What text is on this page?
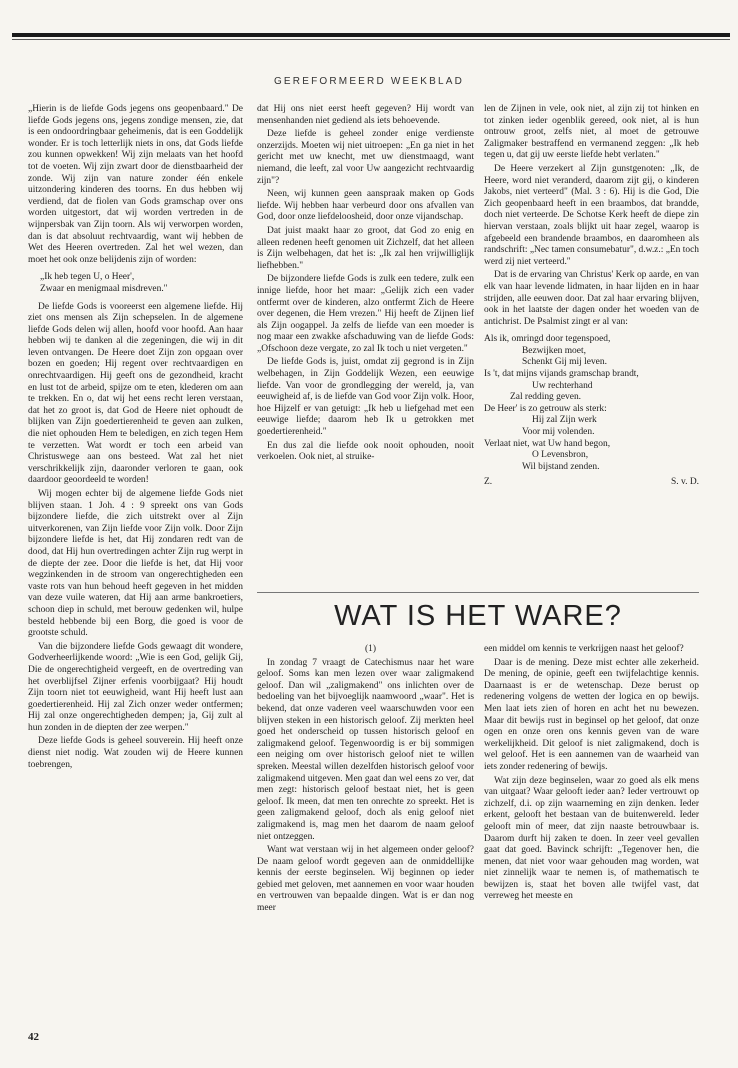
GEREFORMEERD WEEKBLAD

„Hierin is de liefde Gods jegens ons geopenbaard." De liefde Gods jegens ons, jegens zondige mensen, zie, dat is een ondoordringbaar geheimenis, dat is een Goddelijk wonder. Er is toch letterlijk niets in ons, dat Gods liefde zou kunnen opwekken! Wij zijn melaats van het hoofd tot de voeten. Wij zijn zwart door de dienstbaarheid der zonde. Wij zijn van nature zonder één enkele uitzondering kinderen des toorns. En dus hebben wij verdiend, dat de fiolen van Gods gramschap over ons worden uitgestort, dat wij worden vertreden in de wijnpersbak van Zijn toorn. Als wij verworpen worden, dan is dat absoluut rechtvaardig, want wij hebben de Wet des Heeren overtreden. Zal het wel wezen, dan moet het ook onze belijdenis zijn of worden:

„Ik heb tegen U, o Heer',
Zwaar en menigmaal misdreven."

De liefde Gods is vooreerst een algemene liefde. Hij ziet ons mensen als Zijn schepselen. In de algemene liefde Gods delen wij allen, hoofd voor hoofd. Aan haar hebben wij te danken al die zegeningen, die wij in dit leven ontvangen. De Heere doet Zijn zon opgaan over bozen en goeden; Hij regent over rechtvaardigen en onrechtvaardigen. Hij geeft ons de gezondheid, kracht en lust tot de arbeid, spijze om te eten, klederen om aan te trekken. En o, dat wij het eens recht leren verstaan, dat het zo groot is, dat God de Heere niet ophoudt de blijken van Zijn goedertierenheid te geven aan zulken, die niet ophouden Hem te beledigen, en zich tegen Hem te verzetten. Wat wordt er toch een arbeid van Christuswege aan ons besteed. Wat zal het niet verschrikkelijk zijn, daaronder verloren te gaan, ook daardoor geoordeeld te worden!

Wij mogen echter bij de algemene liefde Gods niet blijven staan. 1 Joh. 4 : 9 spreekt ons van Gods bijzondere liefde, die zich uitstrekt over al Zijn uitverkorenen, van Zijn liefde voor Zijn volk. Door Zijn bijzondere liefde is het, dat Hij zondaren redt van de dood, dat Hij hun overtredingen achter Zijn rug werpt in de diepte der zee. Door die liefde is het, dat Hij voor wegzinkenden in de stroom van ongerechtigheden een vaste rots van hun behoud heeft gegeven in het midden van deze vuile wateren, dat Hij aan arme bankroetiers, schoon diep in schuld, met berouw gedenken wil, hulpe besteld hebbende bij een Borg, die goed is voor de grootste schuld.

Van die bijzondere liefde Gods gewaagt dit wondere, Godverheerlijkende woord: „Wie is een God, gelijk Gij, Die de ongerechtigheid vergeeft, en de overtreding van het overblijfsel Zijner erfenis voorbijgaat? Hij houdt Zijn toorn niet tot eeuwigheid, want Hij heeft lust aan goedertierenheid. Hij zal Zich onzer weder ontfermen; Hij zal onze ongerechtigheden dempen; ja, Gij zult al hun zonden in de diepten der zee werpen."

Deze liefde Gods is geheel souverein. Hij heeft onze dienst niet nodig. Wat zouden wij de Heere kunnen toebrengen,

dat Hij ons niet eerst heeft gegeven? Hij wordt van mensenhanden niet gediend als iets behoevende.

Deze liefde is geheel zonder enige verdienste onzerzijds. Moeten wij niet uitroepen: „En ga niet in het gericht met uw knecht, met uw dienstmaagd, want niemand, die leeft, zal voor Uw aangezicht rechtvaardig zijn"?

Neen, wij kunnen geen aanspraak maken op Gods liefde. Wij hebben haar verbeurd door ons afvallen van God, door onze liefdeloosheid, door onze vijandschap.

Dat juist maakt haar zo groot, dat God zo enig en alleen redenen heeft genomen uit Zichzelf, dat het alleen is Zijn welbehagen, dat het is: „Ik zal hen vrijwilliglijk liefhebben."

De bijzondere liefde Gods is zulk een tedere, zulk een innige liefde, hoor het maar: „Gelijk zich een vader ontfermt over de kinderen, alzo ontfermt Zich de Heere over degenen, die Hem vrezen." Hij heeft de Zijnen lief als Zijn oogappel. Ja zelfs de liefde van een moeder is nog maar een zwakke afschaduwing van de liefde Gods: „Ofschoon deze vergate, zo zal Ik toch u niet vergeten."

De liefde Gods is, juist, omdat zij gegrond is in Zijn welbehagen, in Zijn Goddelijk Wezen, een eeuwige liefde. Van voor de grondlegging der wereld, ja, van eeuwigheid af, is de liefde van God voor Zijn volk. Hoor, hoe Hijzelf er van getuigt: „Ik heb u liefgehad met een eeuwige liefde; daarom heb Ik u getrokken met goedertierenheid."

En dus zal die liefde ook nooit ophouden, nooit verkoelen. Ook niet, al struike-

len de Zijnen in vele, ook niet, al zijn zij tot hinken en tot zinken ieder ogenblik gereed, ook niet, al is hun ontrouw groot, zelfs niet, al moet de getrouwe Zaligmaker bestraffend en vermanend zeggen: „Ik heb tegen u, dat gij uw eerste liefde hebt verlaten."

De Heere verzekert al Zijn gunstgenoten: „Ik, de Heere, word niet veranderd, daarom zijt gij, o kinderen Jakobs, niet verteerd" (Mal. 3 : 6). Hij is die God, Die Zich geopenbaard heeft in een braambos, dat brandde, doch niet verteerde. De Schotse Kerk heeft de diepe zin hiervan verstaan, zoals blijkt uit haar zegel, waarop is afgebeeld een brandende braambos, en daaromheen als randschrift: „Nec tamen consumebatur", d.w.z.: „En toch werd zij niet verteerd."

Dat is de ervaring van Christus' Kerk op aarde, en van elk van haar levende lidmaten, in haar lijden en in haar strijden, alle eeuwen door. Dat zal haar ervaring blijven, ook in het laatste der dagen onder het woeden van de antichrist. De Psalmist zingt er al van:

Als ik, omringd door tegenspoed,
Bezwijken moet,
Schenkt Gij mij leven.
Is 't, dat mijns vijands gramschap brandt,
Uw rechterhand
Zal redding geven.
De Heer' is zo getrouw als sterk:
Hij zal Zijn werk
Voor mij volenden.
Verlaat niet, wat Uw hand begon,
O Levensbron,
Wil bijstand zenden.
Z.	S. v. D.
WAT IS HET WARE?

(1)

In zondag 7 vraagt de Catechismus naar het ware geloof. Soms kan men lezen over waar zaligmakend geloof. Dan wil „zaligmakend" ons inlichten over de bedoeling van het bijvoeglijk naamwoord „waar". Het is bekend, dat onze vaderen veel waarschuwden voor een blijven steken in een historisch geloof. Zij merkten heel goed het onderscheid op tussen historisch geloof en zaligmakend geloof. Tegenwoordig is er bij sommigen een neiging om over historisch geloof niet te willen spreken. Meestal willen dezelfden historisch geloof voor zaligmakend uitgeven. Men gaat dan wel eens zo ver, dat men zegt: historisch geloof bestaat niet, het is geen geloof. Ik meen, dat men ten onrechte zo spreekt. Het is geen zaligmakend geloof, doch als enig geloof niet zaligmakend is, mag men het daarom de naam geloof niet ontzeggen.

Want wat verstaan wij in het algemeen onder geloof? De naam geloof wordt gegeven aan de onmiddellijke kennis der eerste beginselen. Wij beginnen op ieder gebied met geloven, met aannemen en voor waar houden en vertrouwen van bepaalde dingen. Wat is er dan nog meer

een middel om kennis te verkrijgen naast het geloof?

Daar is de mening. Deze mist echter alle zekerheid. De mening, de opinie, geeft een twijfelachtige kennis. Daarnaast is er de wetenschap. Deze berust op redenering volgens de wetten der logica en op bewijs. Men laat iets zien of horen en acht het nu bewezen. Maar dit bewijs rust in beginsel op het geloof, dat onze ogen en onze oren ons kennis geven van de ware werkelijkheid. Dit geloof is niet zaligmakend, doch is wel geloof. Het is een aannemen van de waarheid van iets zonder redenering of bewijs.

Wat zijn deze beginselen, waar zo goed als elk mens van uitgaat? Waar gelooft ieder aan? Ieder vertrouwt op zichzelf, d.i. op zijn waarneming en zijn denken. Ieder erkent, gelooft het bestaan van de buitenwereld. Ieder gelooft min of meer, dat zijn naaste betrouwbaar is. Daarom durft hij zaken te doen. In zeer veel gevallen gaat dat goed. Bavinck schrijft: „Tegenover hen, die menen, dat niet voor waar gehouden mag worden, wat niet zinnelijk waar te nemen is, of mathematisch te bewijzen is, staat het boven alle twijfel vast, dat verreweg het meeste en

42
